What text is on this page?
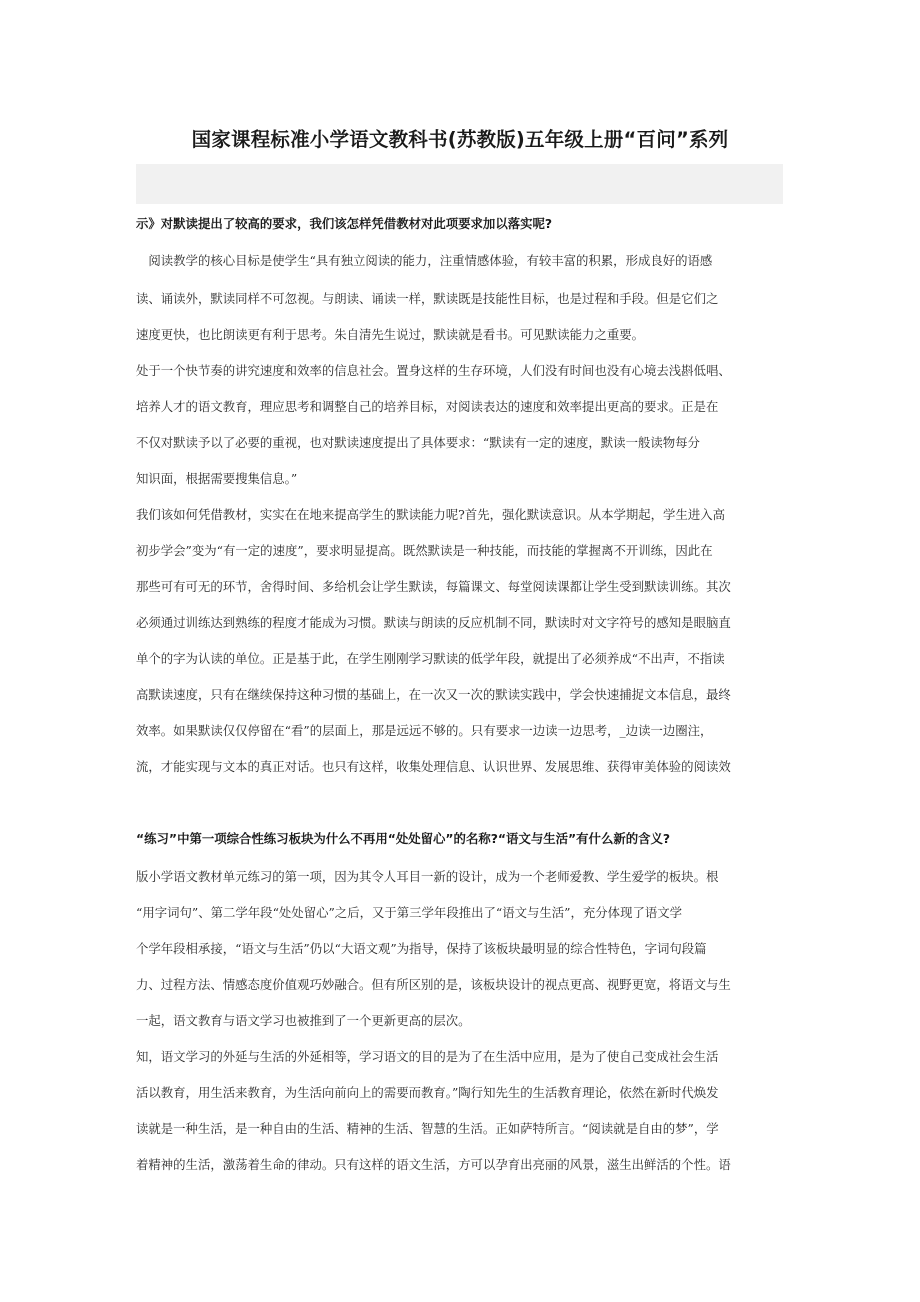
国家课程标准小学语文教科书(苏教版)五年级上册“百问”系列
示》对默读提出了较高的要求，我们该怎样凭借教材对此项要求加以落实呢?
　阅读教学的核心目标是使学生“具有独立阅读的能力，注重情感体验，有较丰富的积累，形成良好的语感
读、诵读外，默读同样不可忽视。与朗读、诵读一样，默读既是技能性目标，也是过程和手段。但是它们之
速度更快，也比朗读更有利于思考。朱自清先生说过，默读就是看书。可见默读能力之重要。
处于一个快节奏的讲究速度和效率的信息社会。置身这样的生存环境，人们没有时间也没有心境去浅斟低唱、
培养人才的语文教育，理应思考和调整自己的培养目标，对阅读表达的速度和效率提出更高的要求。正是在
不仅对默读予以了必要的重视，也对默读速度提出了具体要求：“默读有一定的速度，默读一般读物每分
知识面，根据需要搜集信息。”
我们该如何凭借教材，实实在在地来提高学生的默读能力呢?首先，强化默读意识。从本学期起，学生进入高
初步学会”变为“有一定的速度”，要求明显提高。既然默读是一种技能，而技能的掌握离不开训练，因此在
那些可有可无的环节，舍得时间、多给机会让学生默读，每篇课文、每堂阅读课都让学生受到默读训练。其次
必须通过训练达到熟练的程度才能成为习惯。默读与朗读的反应机制不同，默读时对文字符号的感知是眼脑直
单个的字为认读的单位。正是基于此，在学生刚刚学习默读的低学年段，就提出了必须养成“不出声，不指读
高默读速度，只有在继续保持这种习惯的基础上，在一次又一次的默读实践中，学会快速捕捉文本信息，最终
效率。如果默读仅仅停留在“看”的层面上，那是远远不够的。只有要求一边读一边思考，_边读一边圈注，
流，才能实现与文本的真正对话。也只有这样，收集处理信息、认识世界、发展思维、获得审美体验的阅读效
“练习”中第一项综合性练习板块为什么不再用“处处留心”的名称?“语文与生活”有什么新的含义?
版小学语文教材单元练习的第一项，因为其令人耳目一新的设计，成为一个老师爱教、学生爱学的板块。根
“用字词句”、第二学年段“处处留心”之后，又于第三学年段推出了“语文与生活”，充分体现了语文学
个学年段相承接，“语文与生活”仍以“大语文观”为指导，保持了该板块最明显的综合性特色，字词句段篇
力、过程方法、情感态度价值观巧妙融合。但有所区别的是，该板块设计的视点更高、视野更宽，将语文与生
一起，语文教育与语文学习也被推到了一个更新更高的层次。
知，语文学习的外延与生活的外延相等，学习语文的目的是为了在生活中应用，是为了使自己变成社会生活
活以教育，用生活来教育，为生活向前向上的需要而教育。”陶行知先生的生活教育理论，依然在新时代焕发
读就是一种生活，是一种自由的生活、精神的生活、智慧的生活。正如萨特所言。“阅读就是自由的梦”，学
着精神的生活，激荡着生命的律动。只有这样的语文生活，方可以孕育出亮丽的风景，滋生出鲜活的个性。语
